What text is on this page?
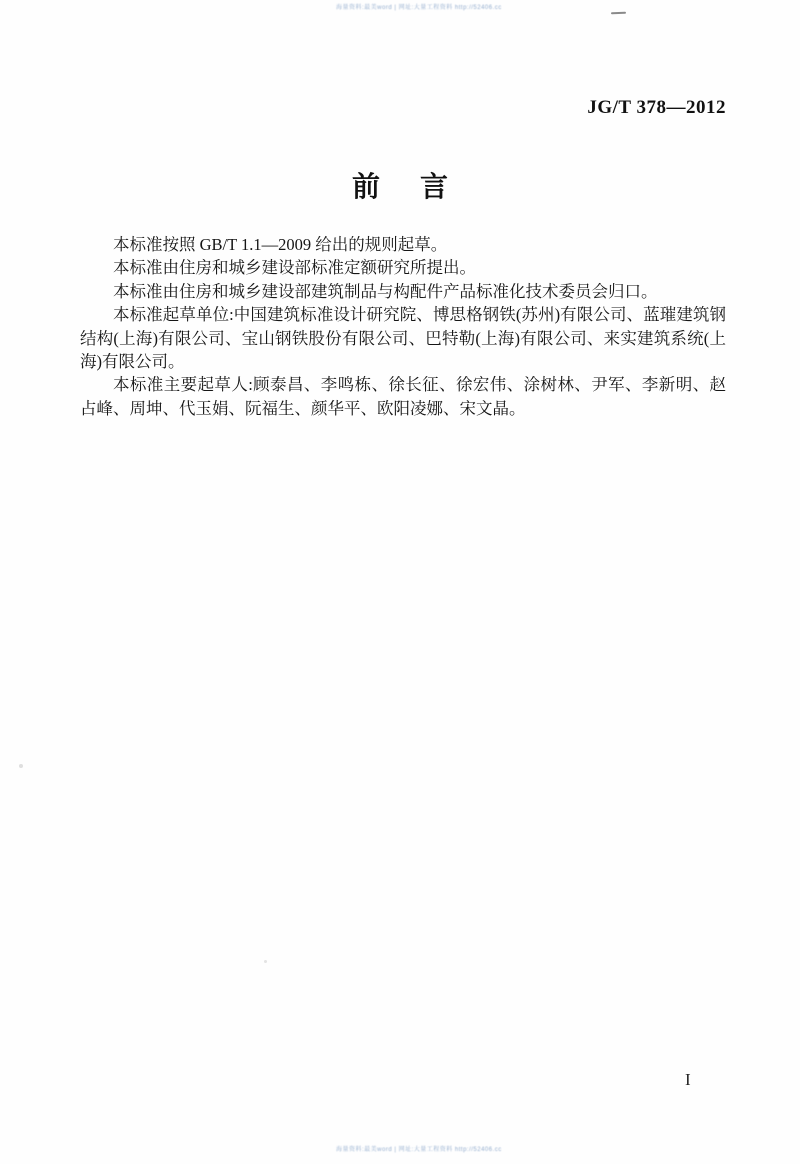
海量资料:最美word | 网址:大量工程资料 http://52406.cc
JG/T 378—2012
前 言

本标准按照 GB/T 1.1—2009 给出的规则起草。

本标准由住房和城乡建设部标准定额研究所提出。

本标准由住房和城乡建设部建筑制品与构配件产品标准化技术委员会归口。

本标准起草单位:中国建筑标准设计研究院、博思格钢铁(苏州)有限公司、蓝璀建筑钢结构(上海)有限公司、宝山钢铁股份有限公司、巴特勒(上海)有限公司、来实建筑系统(上海)有限公司。

本标准主要起草人:顾泰昌、李鸣栋、徐长征、徐宏伟、涂树林、尹军、李新明、赵占峰、周坤、代玉娟、阮福生、颜华平、欧阳凌娜、宋文晶。

I
海量资料:最美word | 网址:大量工程资料 http://52406.cc
